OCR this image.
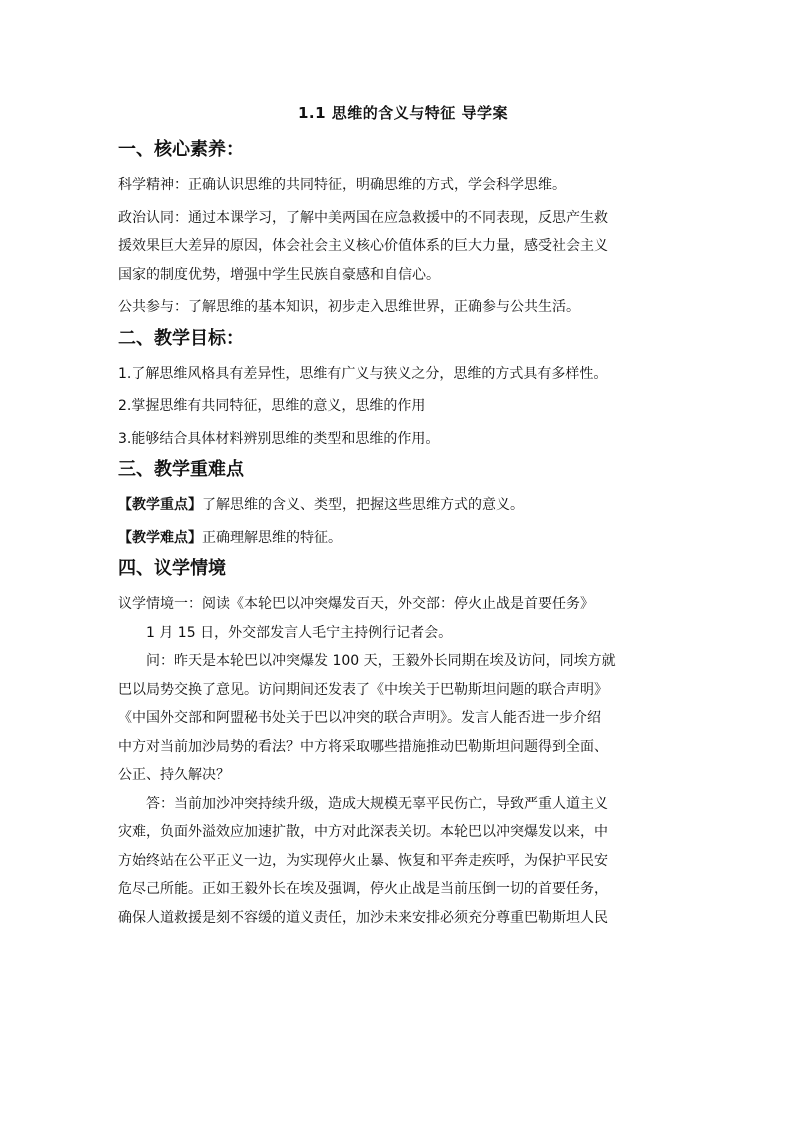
1.1 思维的含义与特征 导学案
一、核心素养：

科学精神：正确认识思维的共同特征，明确思维的方式，学会科学思维。

政治认同：通过本课学习，了解中美两国在应急救援中的不同表现，反思产生救

援效果巨大差异的原因，体会社会主义核心价值体系的巨大力量，感受社会主义

国家的制度优势，增强中学生民族自豪感和自信心。

公共参与：了解思维的基本知识，初步走入思维世界，正确参与公共生活。

二、教学目标：

1.了解思维风格具有差异性，思维有广义与狭义之分，思维的方式具有多样性。

2.掌握思维有共同特征，思维的意义，思维的作用

3.能够结合具体材料辨别思维的类型和思维的作用。

三、教学重难点

【教学重点】了解思维的含义、类型，把握这些思维方式的意义。

【教学难点】正确理解思维的特征。

四、议学情境

议学情境一：阅读《本轮巴以冲突爆发百天，外交部：停火止战是首要任务》

1 月 15 日，外交部发言人毛宁主持例行记者会。

问：昨天是本轮巴以冲突爆发 100 天，王毅外长同期在埃及访问，同埃方就

巴以局势交换了意见。访问期间还发表了《中埃关于巴勒斯坦问题的联合声明》

《中国外交部和阿盟秘书处关于巴以冲突的联合声明》。发言人能否进一步介绍

中方对当前加沙局势的看法？中方将采取哪些措施推动巴勒斯坦问题得到全面、

公正、持久解决？

答：当前加沙冲突持续升级，造成大规模无辜平民伤亡，导致严重人道主义

灾难，负面外溢效应加速扩散，中方对此深表关切。本轮巴以冲突爆发以来，中

方始终站在公平正义一边，为实现停火止暴、恢复和平奔走疾呼，为保护平民安

危尽己所能。正如王毅外长在埃及强调，停火止战是当前压倒一切的首要任务，

确保人道救援是刻不容缓的道义责任，加沙未来安排必须充分尊重巴勒斯坦人民
